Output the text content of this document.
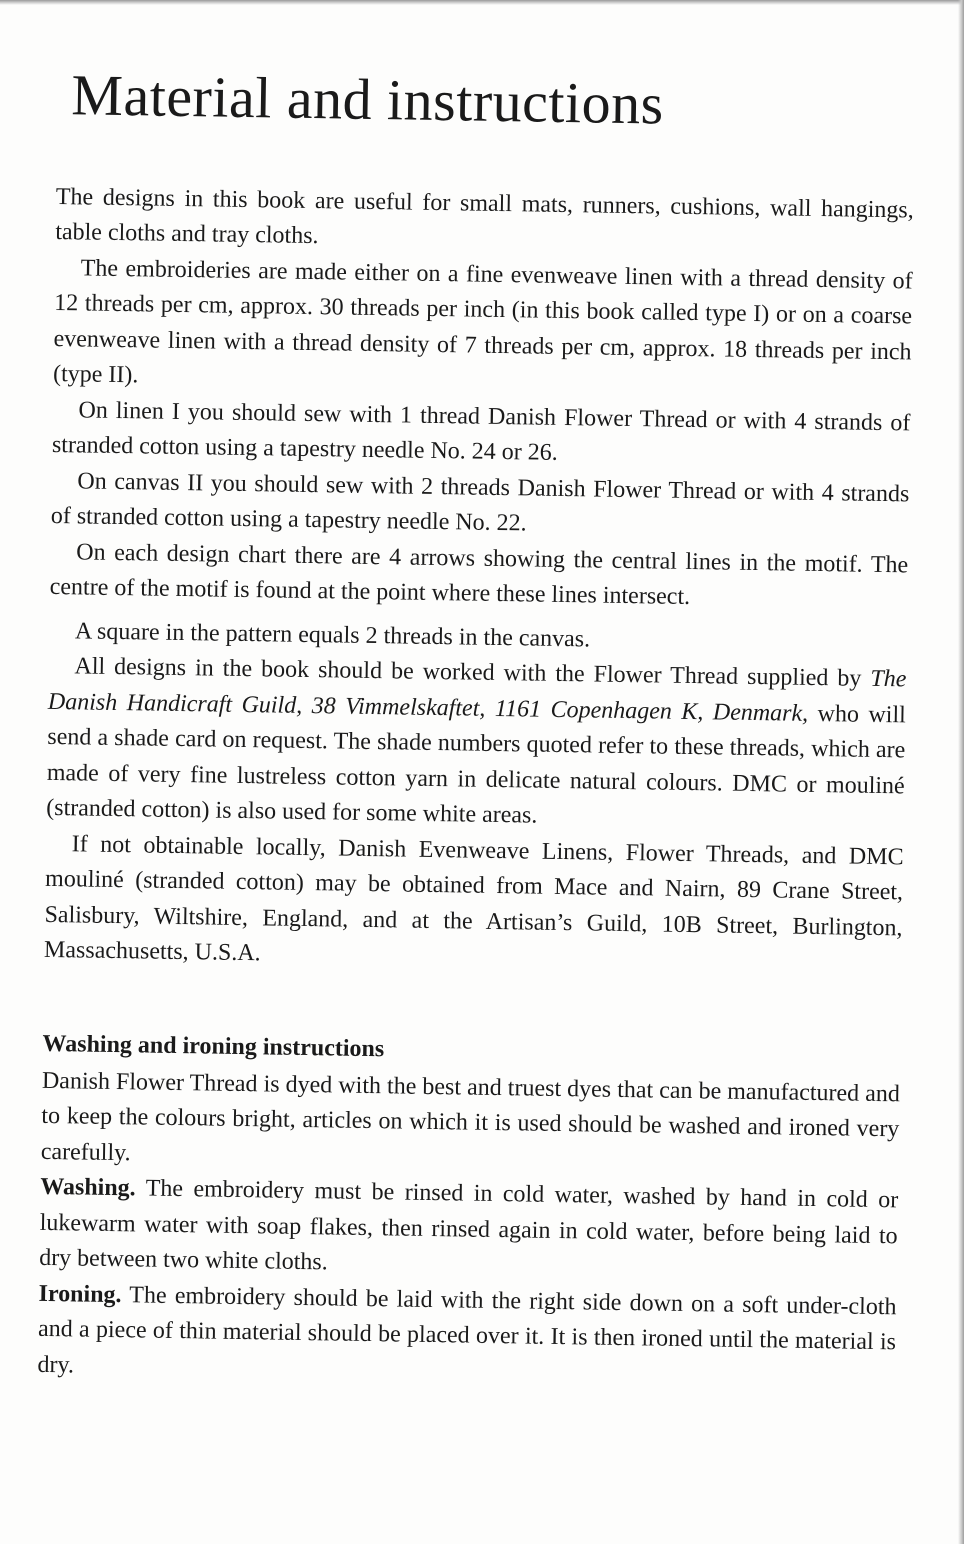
Material and instructions

The designs in this book are useful for small mats, runners, cushions, wall hangings, table cloths and tray cloths.

The embroideries are made either on a fine evenweave linen with a thread density of 12 threads per cm, approx. 30 threads per inch (in this book called type I) or on a coarse evenweave linen with a thread density of 7 threads per cm, approx. 18 threads per inch (type II).

On linen I you should sew with 1 thread Danish Flower Thread or with 4 strands of stranded cotton using a tapestry needle No. 24 or 26.

On canvas II you should sew with 2 threads Danish Flower Thread or with 4 strands of stranded cotton using a tapestry needle No. 22.

On each design chart there are 4 arrows showing the central lines in the motif. The centre of the motif is found at the point where these lines intersect.

A square in the pattern equals 2 threads in the canvas.

All designs in the book should be worked with the Flower Thread supplied by The Danish Handicraft Guild, 38 Vimmelskaftet, 1161 Copenhagen K, Denmark, who will send a shade card on request. The shade numbers quoted refer to these threads, which are made of very fine lustreless cotton yarn in delicate natural colours. DMC or mouliné (stranded cotton) is also used for some white areas.

If not obtainable locally, Danish Evenweave Linens, Flower Threads, and DMC mouliné (stranded cotton) may be obtained from Mace and Nairn, 89 Crane Street, Salisbury, Wiltshire, England, and at the Artisan’s Guild, 10B Street, Burlington, Massachusetts, U.S.A.

Washing and ironing instructions

Danish Flower Thread is dyed with the best and truest dyes that can be manufactured and to keep the colours bright, articles on which it is used should be washed and ironed very carefully.

Washing. The embroidery must be rinsed in cold water, washed by hand in cold or lukewarm water with soap flakes, then rinsed again in cold water, before being laid to dry between two white cloths.

Ironing. The embroidery should be laid with the right side down on a soft under-cloth and a piece of thin material should be placed over it. It is then ironed until the material is dry.
